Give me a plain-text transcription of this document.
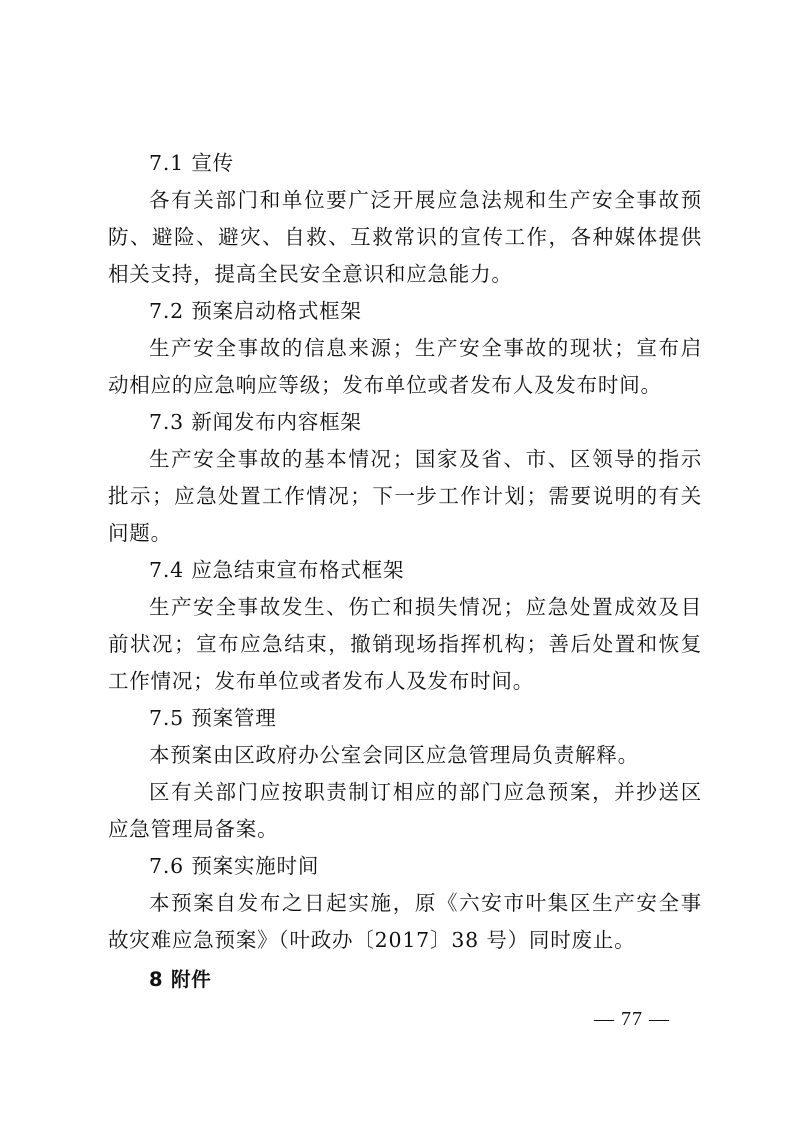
7.1 宣传

各有关部门和单位要广泛开展应急法规和生产安全事故预防、避险、避灾、自救、互救常识的宣传工作，各种媒体提供相关支持，提高全民安全意识和应急能力。

7.2 预案启动格式框架

生产安全事故的信息来源；生产安全事故的现状；宣布启动相应的应急响应等级；发布单位或者发布人及发布时间。

7.3 新闻发布内容框架

生产安全事故的基本情况；国家及省、市、区领导的指示批示；应急处置工作情况；下一步工作计划；需要说明的有关问题。

7.4 应急结束宣布格式框架

生产安全事故发生、伤亡和损失情况；应急处置成效及目前状况；宣布应急结束，撤销现场指挥机构；善后处置和恢复工作情况；发布单位或者发布人及发布时间。

7.5 预案管理

本预案由区政府办公室会同区应急管理局负责解释。

区有关部门应按职责制订相应的部门应急预案，并抄送区应急管理局备案。

7.6 预案实施时间

本预案自发布之日起实施，原《六安市叶集区生产安全事故灾难应急预案》（叶政办〔2017〕38 号）同时废止。

8 附件

— 77 —
